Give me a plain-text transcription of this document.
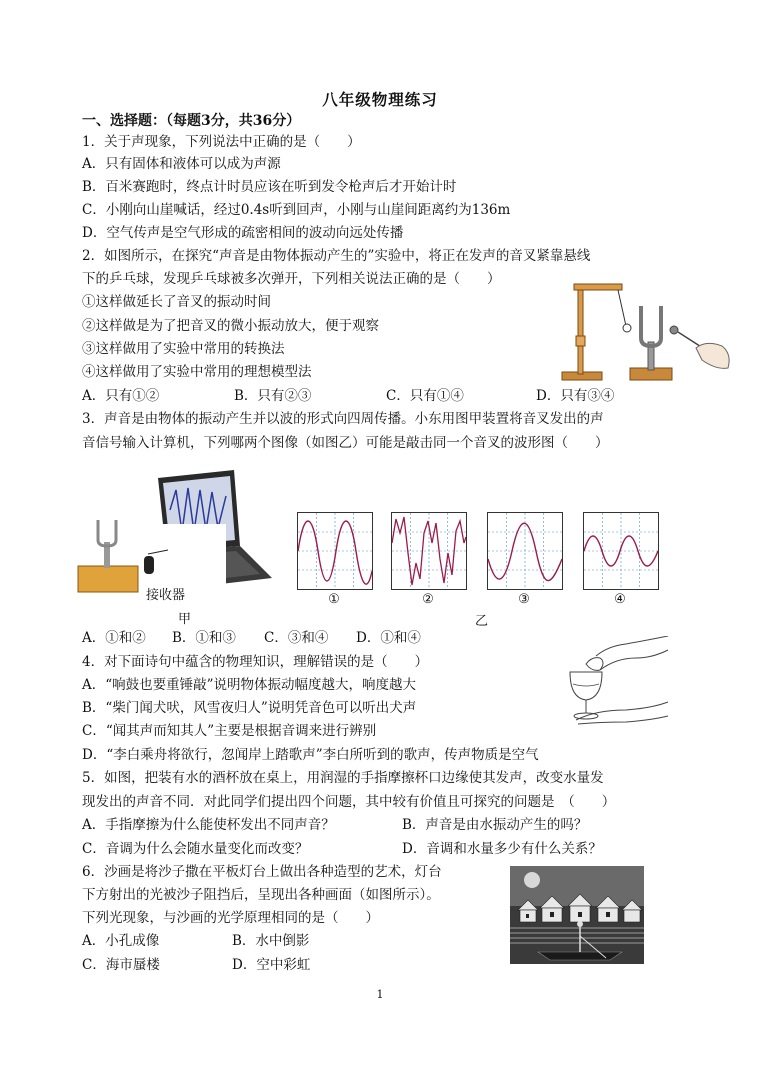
八年级物理练习
一、选择题：（每题3分，共36分）
1．关于声现象，下列说法中正确的是（　　）
A．只有固体和液体可以成为声源
B．百米赛跑时，终点计时员应该在听到发令枪声后才开始计时
C．小刚向山崖喊话，经过0.4s听到回声，小刚与山崖间距离约为136m
D．空气传声是空气形成的疏密相间的波动向远处传播
2．如图所示，在探究“声音是由物体振动产生的”实验中，将正在发声的音叉紧靠悬线
下的乒乓球，发现乒乓球被多次弹开，下列相关说法正确的是（　　）
①这样做延长了音叉的振动时间
②这样做是为了把音叉的微小振动放大，便于观察
③这样做用了实验中常用的转换法
④这样做用了实验中常用的理想模型法
A．只有①②	B．只有②③	C．只有①④	D．只有③④
3．声音是由物体的振动产生并以波的形式向四周传播。小东用图甲装置将音叉发出的声
音信号输入计算机，下列哪两个图像（如图乙）可能是敲击同一个音叉的波形图（　　）
接收器
甲
①	②	③	④
乙
A．①和② B．①和③ C．③和④ D．①和④
4．对下面诗句中蕴含的物理知识，理解错误的是（　　）
A．“响鼓也要重锤敲”说明物体振动幅度越大，响度越大
B．“柴门闻犬吠，风雪夜归人”说明凭音色可以听出犬声
C．“闻其声而知其人”主要是根据音调来进行辨别
D．“李白乘舟将欲行，忽闻岸上踏歌声”李白所听到的歌声，传声物质是空气
5．如图，把装有水的酒杯放在桌上，用润湿的手指摩擦杯口边缘使其发声，改变水量发
现发出的声音不同．对此同学们提出四个问题，其中较有价值且可探究的问题是　（　　）
A．手指摩擦为什么能使杯发出不同声音？	B．声音是由水振动产生的吗？
C．音调为什么会随水量变化而改变？	D．音调和水量多少有什么关系？
6．沙画是将沙子撒在平板灯台上做出各种造型的艺术，灯台
下方射出的光被沙子阻挡后，呈现出各种画面（如图所示）。
下列光现象，与沙画的光学原理相同的是（　　）
A．小孔成像	B．水中倒影
C．海市蜃楼	D．空中彩虹
1
